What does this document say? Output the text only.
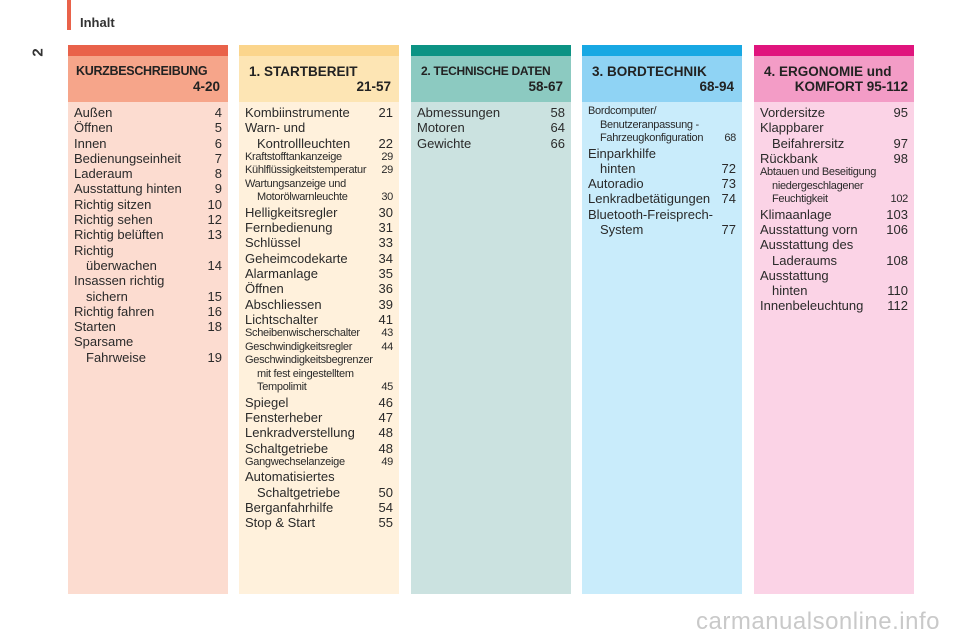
Inhalt
2
KURZBESCHREIBUNG
4-20
Außen	4
Öffnen	5
Innen	6
Bedienungseinheit	7
Laderaum	8
Ausstattung hinten	9
Richtig sitzen	10
Richtig sehen	12
Richtig belüften	13
Richtig
überwachen	14
Insassen richtig
sichern	15
Richtig fahren	16
Starten	18
Sparsame
Fahrweise	19
1. STARTBEREIT
21-57
Kombiinstrumente	21
Warn- und
Kontrollleuchten	22
Kraftstofftankanzeige	29
Kühlflüssigkeitstemperatur	29
Wartungsanzeige und
Motorölwarnleuchte	30
Helligkeitsregler	30
Fernbedienung	31
Schlüssel	33
Geheimcodekarte	34
Alarmanlage	35
Öffnen	36
Abschliessen	39
Lichtschalter	41
Scheibenwischerschalter	43
Geschwindigkeitsregler	44
Geschwindigkeitsbegrenzer
mit fest eingestelltem
Tempolimit	45
Spiegel	46
Fensterheber	47
Lenkradverstellung	48
Schaltgetriebe	48
Gangwechselanzeige	49
Automatisiertes
Schaltgetriebe	50
Berganfahrhilfe	54
Stop & Start	55
2. TECHNISCHE DATEN
58-67
Abmessungen	58
Motoren	64
Gewichte	66
3. BORDTECHNIK
68-94
Bordcomputer/
Benutzeranpassung -
Fahrzeugkonfiguration	68
Einparkhilfe
hinten	72
Autoradio	73
Lenkradbetätigungen 74
Bluetooth-Freisprech-
System	77
4. ERGONOMIE und
KOMFORT 95-112
Vordersitze	95
Klappbarer
Beifahrersitz	97
Rückbank	98
Abtauen und Beseitigung
niedergeschlagener
Feuchtigkeit	102
Klimaanlage	103
Ausstattung vorn	106
Ausstattung des
Laderaums	108
Ausstattung
hinten	110
Innenbeleuchtung	112
carmanualsonline.info
